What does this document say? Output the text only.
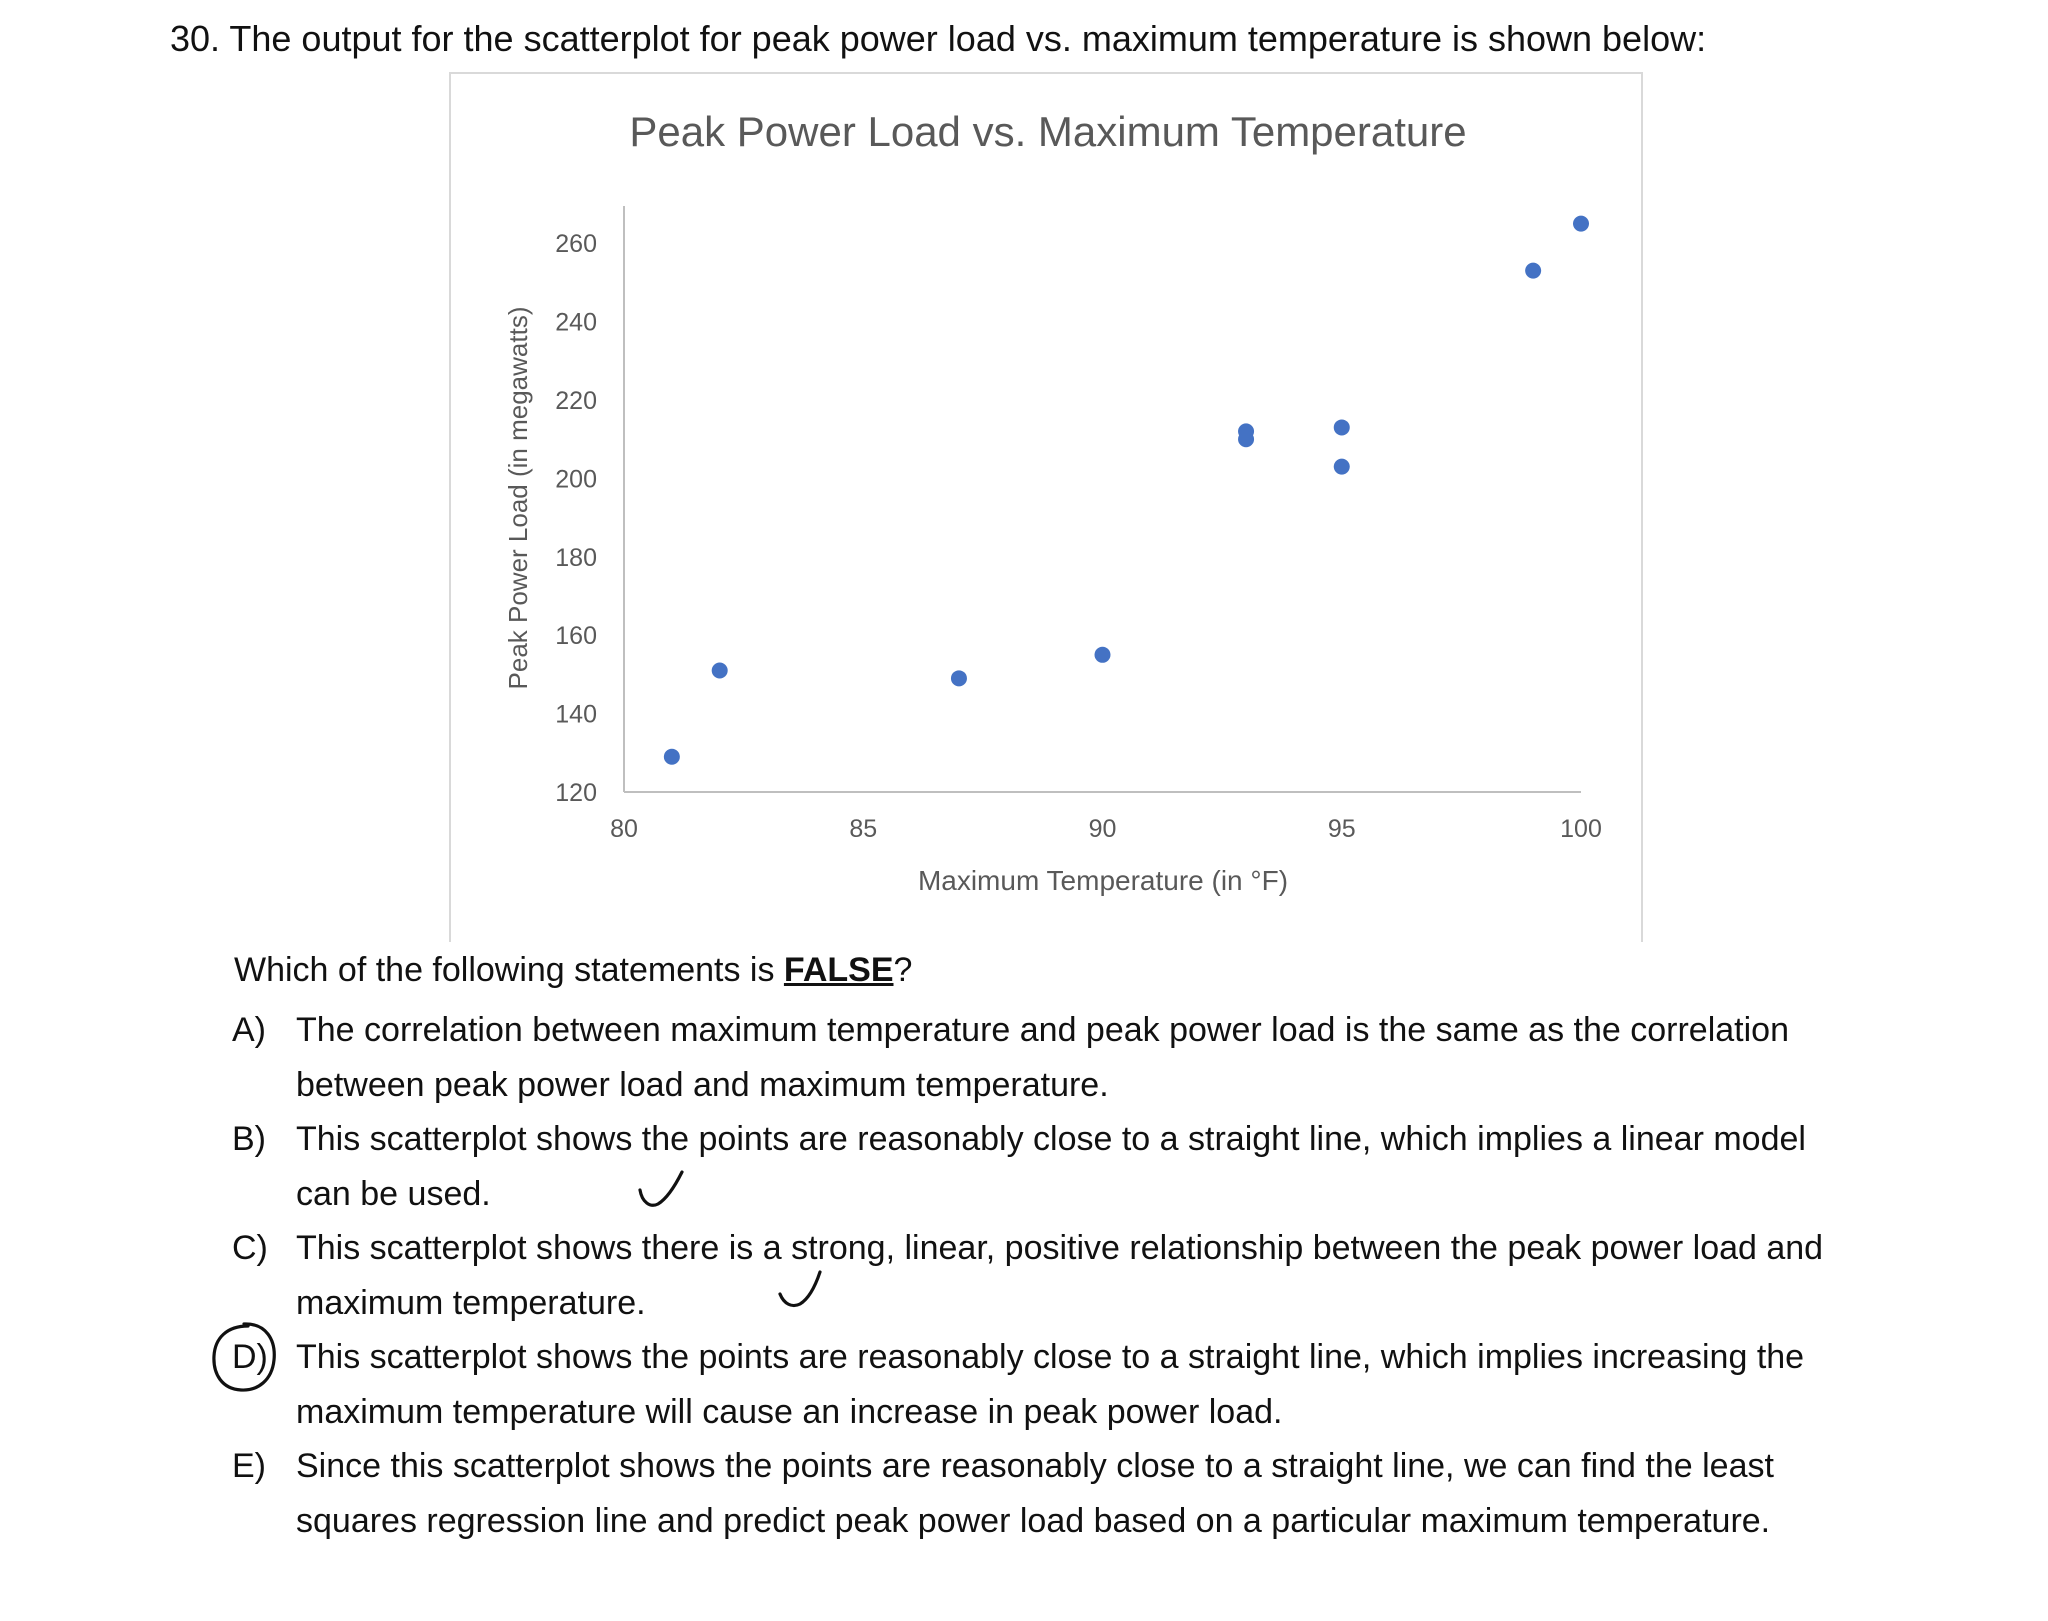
30. The output for the scatterplot for peak power load vs. maximum temperature is shown below:
Peak Power Load vs. Maximum Temperature
120
140
160
180
200
220
240
260
80	85	90	95	100
Maximum Temperature (in °F)
Peak Power Load (in megawatts)
Which of the following statements is FALSE?
A) The correlation between maximum temperature and peak power load is the same as the correlation between peak power load and maximum temperature.
B) This scatterplot shows the points are reasonably close to a straight line, which implies a linear model can be used.
C) This scatterplot shows there is a strong, linear, positive relationship between the peak power load and maximum temperature.
D) This scatterplot shows the points are reasonably close to a straight line, which implies increasing the maximum temperature will cause an increase in peak power load.
E) Since this scatterplot shows the points are reasonably close to a straight line, we can find the least squares regression line and predict peak power load based on a particular maximum temperature.
